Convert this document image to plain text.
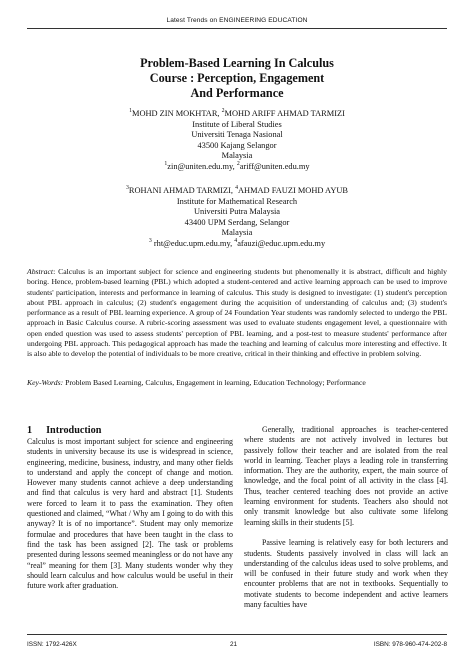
Latest Trends on ENGINEERING EDUCATION
Problem-Based Learning In Calculus
Course : Perception, Engagement
And Performance
$^1$MOHD ZIN MOKHTAR, $^2$MOHD ARIFF AHMAD TARMIZI
Institute of Liberal Studies
Universiti Tenaga Nasional
43500 Kajang Selangor
Malaysia
$^1$zin@uniten.edu.my, $^2$ariff@uniten.edu.my
$^3$ROHANI AHMAD TARMIZI, $^4$AHMAD FAUZI MOHD AYUB
Institute for Mathematical Research
Universiti Putra Malaysia
43400 UPM Serdang, Selangor
Malaysia
$^3$ rht@educ.upm.edu.my, $^4$afauzi@educ.upm.edu.my
Abstract: Calculus is an important subject for science and engineering students but phenomenally it is abstract, difficult and highly boring. Hence, problem-based learning (PBL) which adopted a student-centered and active learning approach can be used to improve students' participation, interests and performance in learning of calculus. This study is designed to investigate: (1) student's perception about PBL approach in calculus; (2) student's engagement during the acquisition of understanding of calculus and; (3) student's performance as a result of PBL learning experience. A group of 24 Foundation Year students was randomly selected to undergo the PBL approach in Basic Calculus course. A rubric-scoring assessment was used to evaluate students engagement level, a questionnaire with open ended question was used to assess students' perception of PBL learning, and a post-test to measure students' performance after undergoing PBL approach. This pedagogical approach has made the teaching and learning of calculus more interesting and effective. It is also able to develop the potential of individuals to be more creative, critical in their thinking and effective in problem solving.
Key-Words: Problem Based Learning, Calculus, Engagement in learning, Education Technology; Performance
1 Introduction

Calculus is most important subject for science and engineering students in university because its use is widespread in science, engineering, medicine, business, industry, and many other fields to understand and apply the concept of change and motion. However many students cannot achieve a deep understanding and find that calculus is very hard and abstract [1]. Students were forced to learn it to pass the examination. They often questioned and claimed, “What / Why am I going to do with this anyway? It is of no importance”. Student may only memorize formulae and procedures that have been taught in the class to find the task has been assigned [2]. The task or problems presented during lessons seemed meaningless or do not have any “real” meaning for them [3]. Many students wonder why they should learn calculus and how calculus would be useful in their future work after graduation.

Generally, traditional approaches is teacher-centered where students are not actively involved in lectures but passively follow their teacher and are isolated from the real world in learning. Teacher plays a leading role in transferring information. They are the authority, expert, the main source of knowledge, and the focal point of all activity in the class [4]. Thus, teacher centered teaching does not provide an active learning environment for students. Teachers also should not only transmit knowledge but also cultivate some lifelong learning skills in their students [5].

Passive learning is relatively easy for both lecturers and students. Students passively involved in class will lack an understanding of the calculus ideas used to solve problems, and will be confused in their future study and work when they encounter problems that are not in textbooks. Sequentially to motivate students to become independent and active learners many faculties have

ISSN: 1792-426X	21	ISBN: 978-960-474-202-8
